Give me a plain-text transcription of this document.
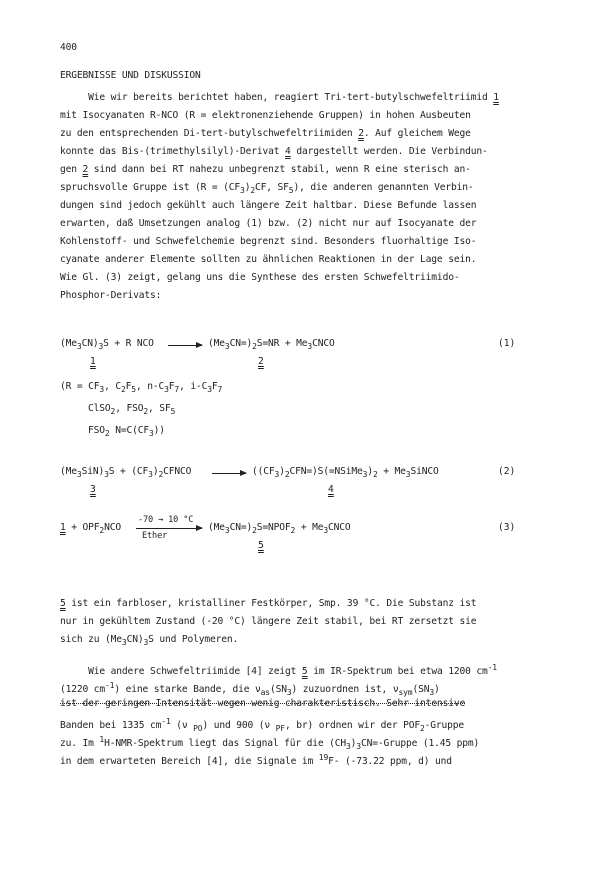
400
ERGEBNISSE UND DISKUSSION
Wie wir bereits berichtet haben, reagiert Tri-tert-butylschwefeltriimid 1
mit Isocyanaten R-NCO (R = elektronenziehende Gruppen) in hohen Ausbeuten
zu den entsprechenden Di-tert-butylschwefeltriimiden 2. Auf gleichem Wege
konnte das Bis-(trimethylsilyl)-Derivat 4 dargestellt werden. Die Verbindun-
gen 2 sind dann bei RT nahezu unbegrenzt stabil, wenn R eine sterisch an-
spruchsvolle Gruppe ist ($R = (CF_3)_2CF$, $SF_5$), die anderen genannten Verbin-
dungen sind jedoch gekühlt auch längere Zeit haltbar. Diese Befunde lassen
erwarten, daß Umsetzungen analog (1) bzw. (2) nicht nur auf Isocyanate der
Kohlenstoff- und Schwefelchemie begrenzt sind. Besonders fluorhaltige Iso-
cyanate anderer Elemente sollten zu ähnlichen Reaktionen in der Lage sein.
Wie Gl. (3) zeigt, gelang uns die Synthese des ersten Schwefeltriimido-
Phosphor-Derivats:
$(Me_3CN)_3S + R$ NCO → $(Me_3CN=)_2S=NR$ + $Me_3CNCO$	(1)
1	2
($R = CF_3$, $C_2F_5$, $n-C_3F_7$, $i-C_3F_7$
ClSO$_2$, $FSO_2$, $SF_5$
$FSO_2$ $N=C(CF_3)$)
$(Me_3SiN)_3S$ + $(CF_3)_2CFNCO$ → $((CF_3)_2CFN=)S(=NSiMe_3)_2$ + $Me_3SiNCO$	(2)
3	4
$1 + OPF_2NCO$
-70 → 10 °C
Ether
$(Me_3CN=)_2S=NPOF_2$ + $Me_3CNCO$	(3)
5
5 ist ein farbloser, kristalliner Festkörper, Smp. 39 °C. Die Substanz ist
nur in gekühltem Zustand (-20 °C) längere Zeit stabil, bei RT zersetzt sie
sich zu $(Me_3CN)_3S$ und Polymeren.
Wie andere Schwefeltriimide [4] zeigt 5 im IR-Spektrum bei etwa 1200 $cm^{-1}$
(1220 $cm^{-1}$) eine starke Bande, die $\nu_{as}(SN_3)$ zuzuordnen ist, $\nu_{sym}(SN_3)$
ist der geringen Intensität wegen wenig charakteristisch. Sehr intensive
Banden bei 1335 $cm^{-1}$ (ν $_{PO}$) und 900 (ν $_{PF}$, br) ordnen wir der $POF_2$-Gruppe
zu. Im $^1$H-NMR-Spektrum liegt das Signal für die $(CH_3)_3CN=$-Gruppe (1.45 ppm)
in dem erwarteten Bereich [4], die Signale im $^{19}$F- (-73.22 ppm, d) und
